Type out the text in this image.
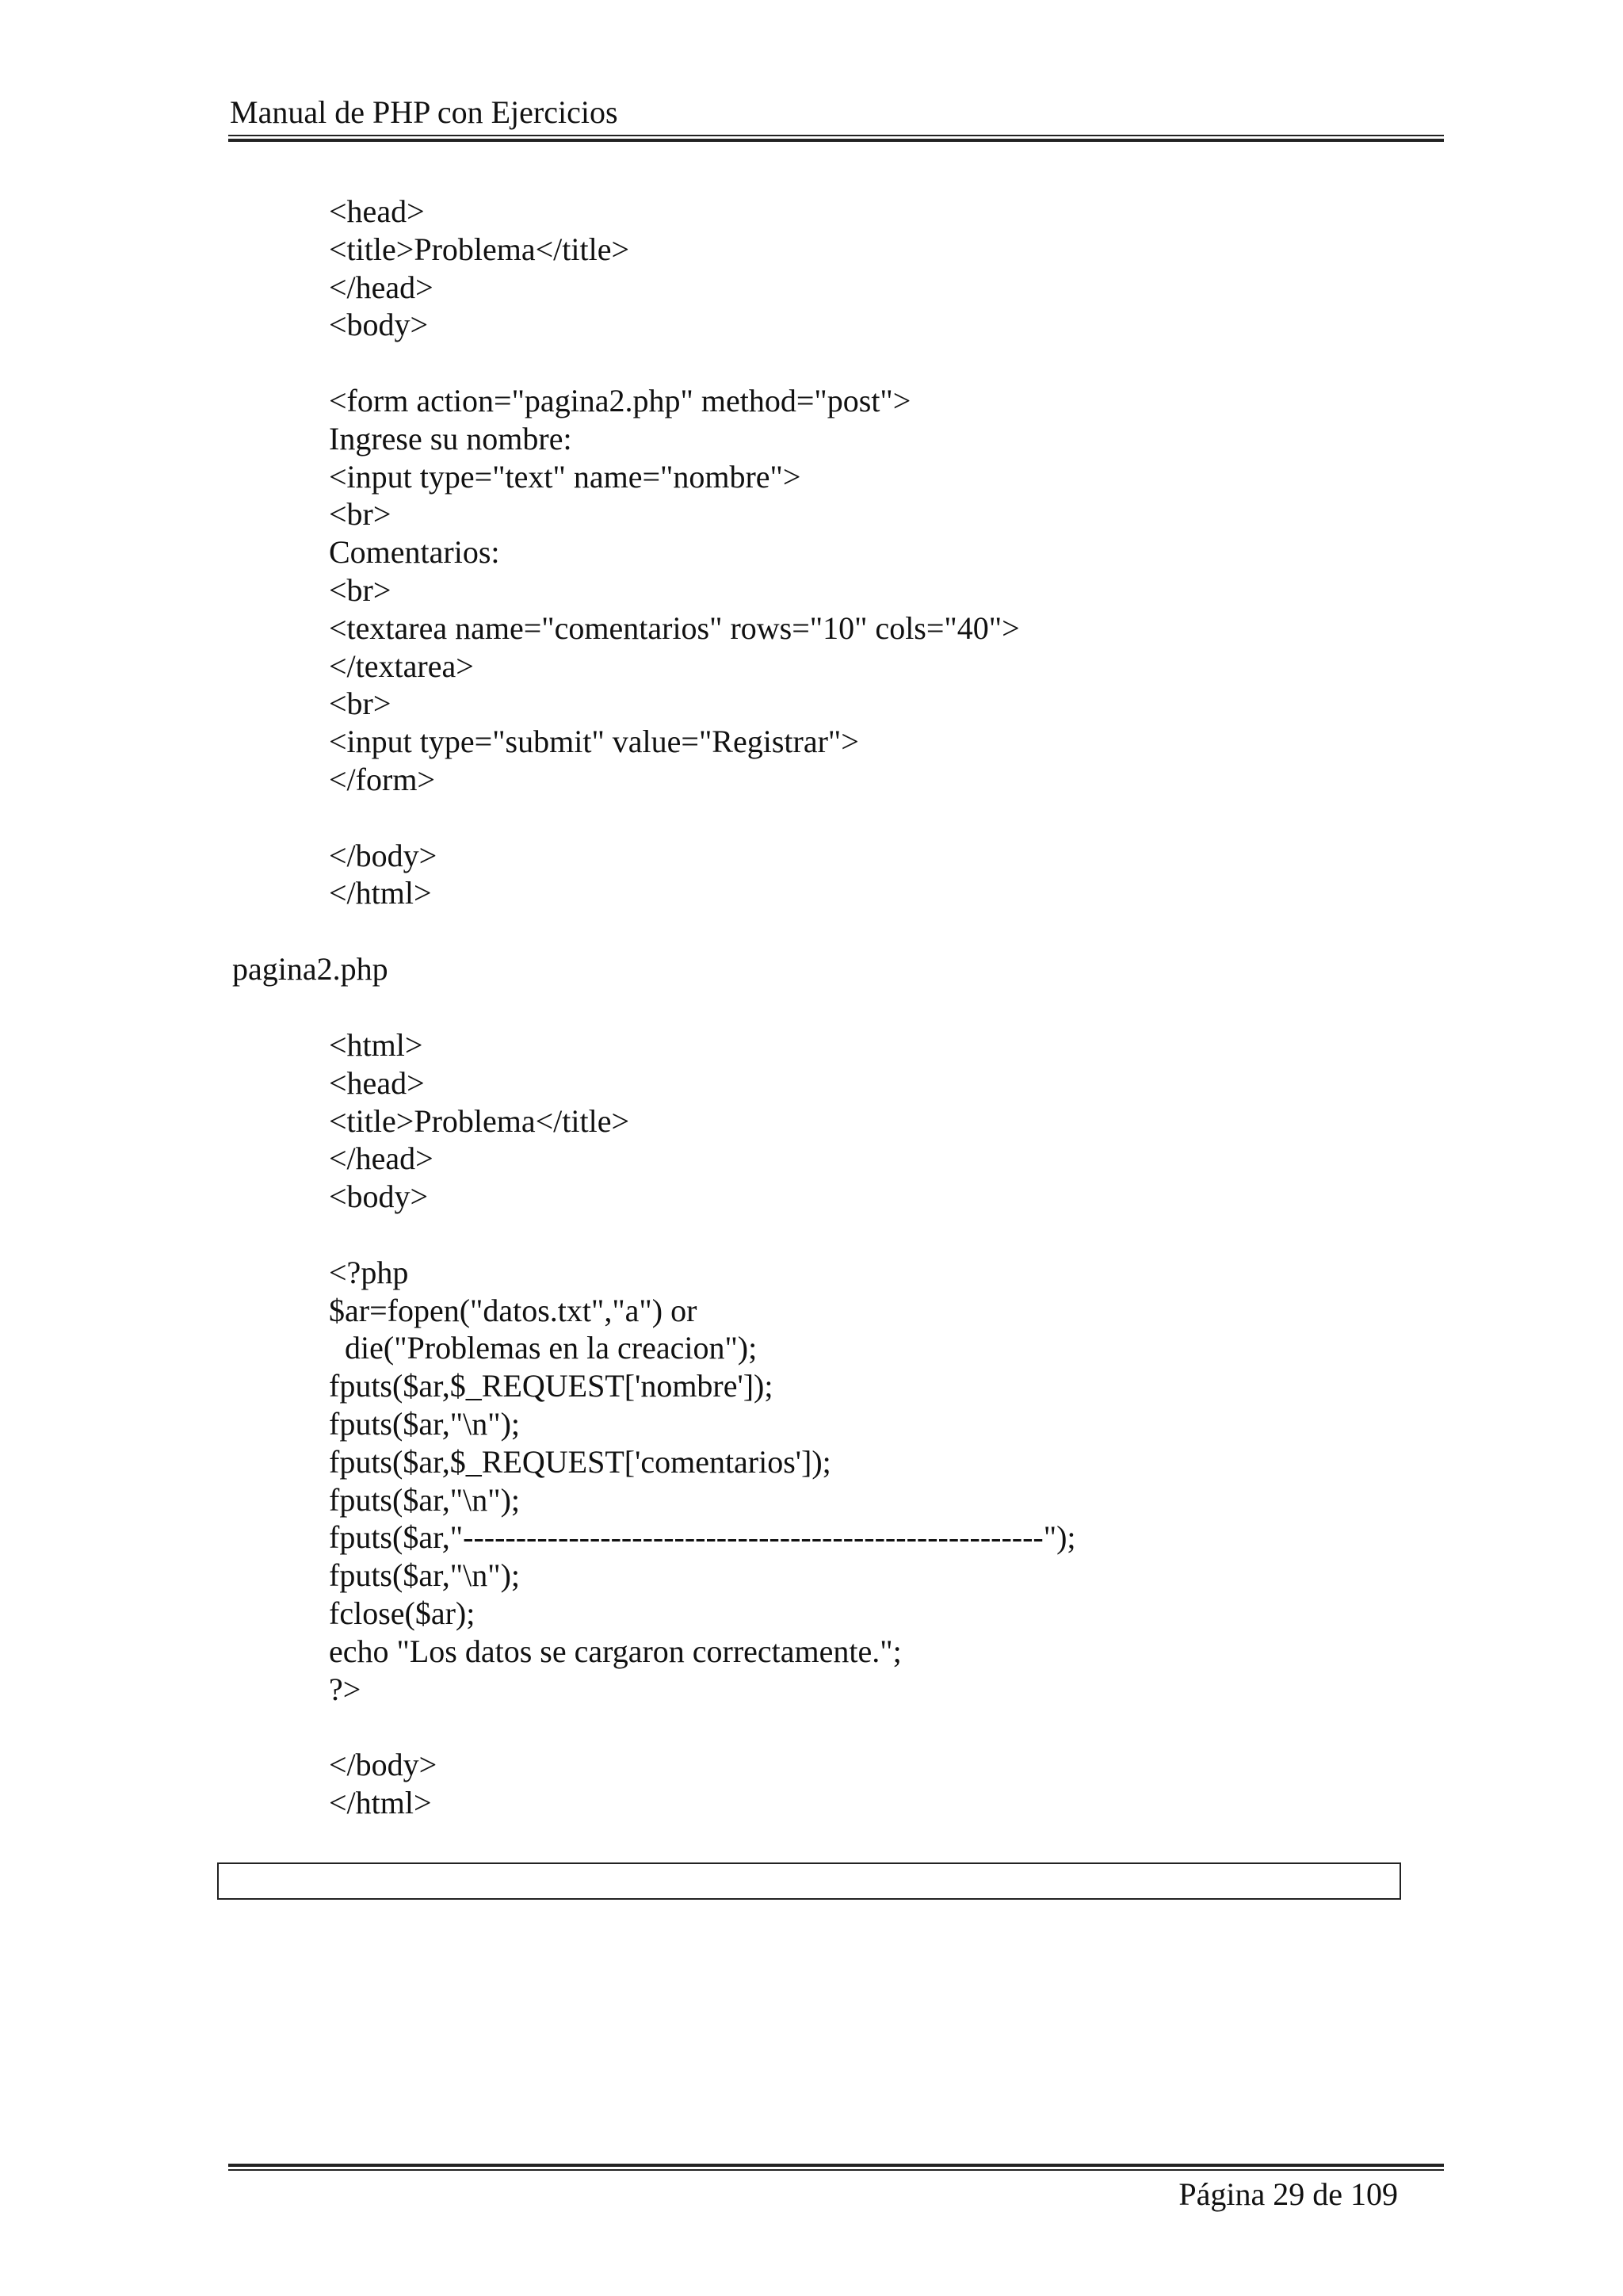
Manual de PHP con Ejercicios
<head>
<title>Problema</title>
</head>
<body>
<form action="pagina2.php" method="post">
Ingrese su nombre:
<input type="text" name="nombre">
<br>
Comentarios:
<br>
<textarea name="comentarios" rows="10" cols="40">
</textarea>
<br>
<input type="submit" value="Registrar">
</form>
</body>
</html>
pagina2.php
<html>
<head>
<title>Problema</title>
</head>
<body>
<?php
$ar=fopen("datos.txt","a") or
die("Problemas en la creacion");
fputs($ar,$_REQUEST['nombre']);
fputs($ar,"\n");
fputs($ar,$_REQUEST['comentarios']);
fputs($ar,"\n");
fputs($ar,"-------------------------------------------------------");
fputs($ar,"\n");
fclose($ar);
echo "Los datos se cargaron correctamente.";
?>
</body>
</html>
Página 29 de 109
